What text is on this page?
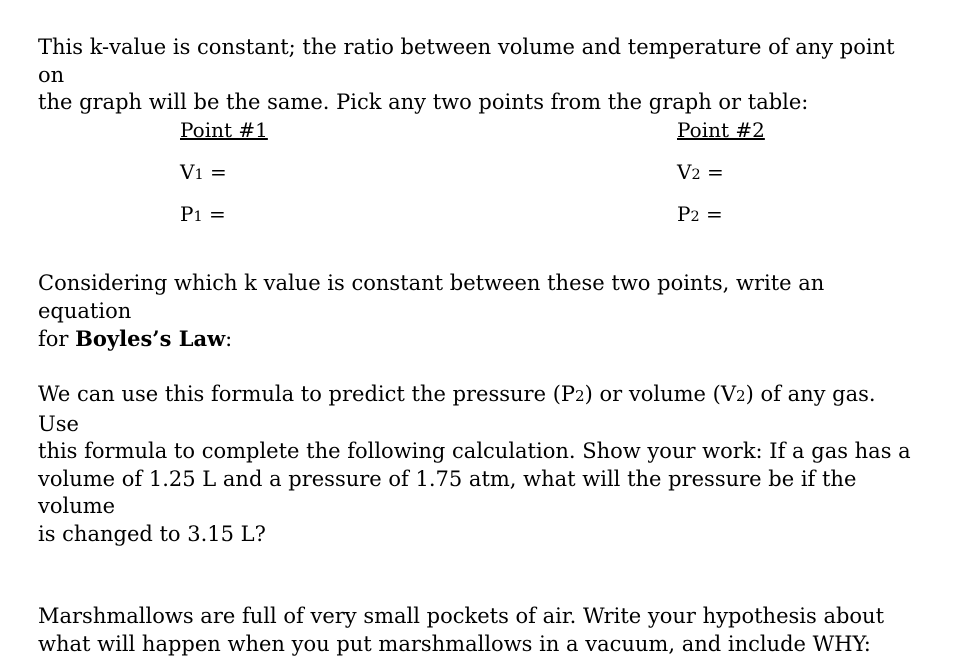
This k-value is constant; the ratio between volume and temperature of any point on
the graph will be the same. Pick any two points from the graph or table:
Point #1
V1 =
P1 =
Point #2
V2 =
P2 =
Considering which k value is constant between these two points, write an equation
for Boyles’s Law:
We can use this formula to predict the pressure (P2) or volume (V2) of any gas. Use
this formula to complete the following calculation. Show your work: If a gas has a
volume of 1.25 L and a pressure of 1.75 atm, what will the pressure be if the volume
is changed to 3.15 L?
Marshmallows are full of very small pockets of air. Write your hypothesis about
what will happen when you put marshmallows in a vacuum, and include WHY:
